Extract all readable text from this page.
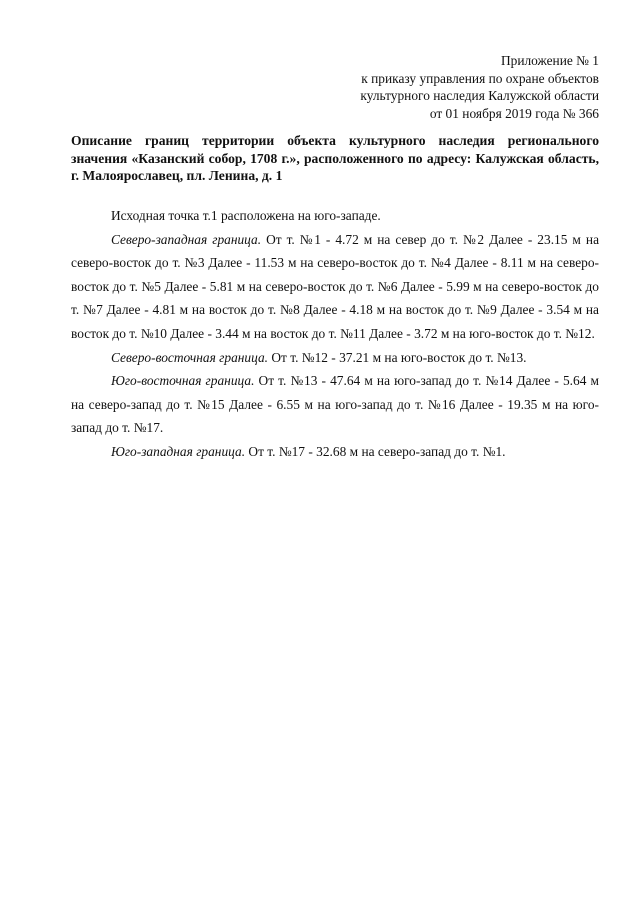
Приложение № 1
к приказу управления по охране объектов
культурного наследия Калужской области
от 01 ноября 2019 года № 366
Описание границ территории объекта культурного наследия регионального значения «Казанский собор, 1708 г.», расположенного по адресу: Калужская область, г. Малоярославец, пл. Ленина, д. 1

Исходная точка т.1 расположена на юго-западе.

Северо-западная граница. От т. №1 - 4.72 м на север до т. №2 Далее - 23.15 м на северо-восток до т. №3 Далее - 11.53 м на северо-восток до т. №4 Далее - 8.11 м на северо-восток до т. №5 Далее - 5.81 м на северо-восток до т. №6 Далее - 5.99 м на северо-восток до т. №7 Далее - 4.81 м на восток до т. №8 Далее - 4.18 м на восток до т. №9 Далее - 3.54 м на восток до т. №10 Далее - 3.44 м на восток до т. №11 Далее - 3.72 м на юго-восток до т. №12.

Северо-восточная граница. От т. №12 - 37.21 м на юго-восток до т. №13.

Юго-восточная граница. От т. №13 - 47.64 м на юго-запад до т. №14 Далее - 5.64 м на северо-запад до т. №15 Далее - 6.55 м на юго-запад до т. №16 Далее - 19.35 м на юго-запад до т. №17.

Юго-западная граница. От т. №17 - 32.68 м на северо-запад до т. №1.
